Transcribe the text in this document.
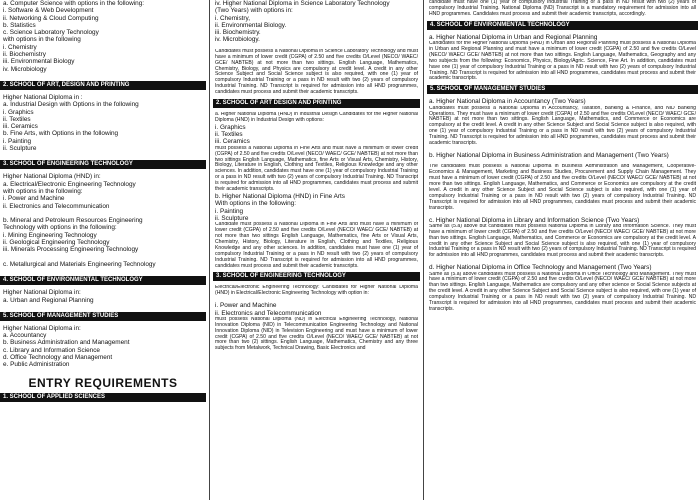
a. Computer Science with options in the following:

i. Software & Web Development

ii. Networking & Cloud Computing

b. Statistics

c. Science Laboratory Technology

with options in the following

i. Chemistry

ii. Biochemistry

iii. Environmental Biology

iv. Microbiology

2. SCHOOL OF ART, DESIGN AND PRINTING

Higher National Diploma in :

a. Industrial Design with Options in the following

i. Graphics

ii. Textiles

iii. Ceramics

b. Fine Arts, with Options in the following

i. Painting

ii. Sculpture

3. SCHOOL OF ENGINEERING TECHNOLOGY

Higher National Diploma (HND) in:

a. Electrical/Electronic Engineering Technology

with options in the following:

i. Power and Machine

ii. Electronics and Telecommunication

b. Mineral and Petroleum Resources Engineering

Technology with options in the following:

i. Mining Engineering Technology

ii. Geological Engineering Technology

iii. Minerals Processing Engineering Technology

c. Metallurgical and Materials Engineering Technology

4. SCHOOL OF ENVIRONMENTAL TECHNOLOGY

Higher National Diploma in:

a. Urban and Regional Planning

5. SCHOOL OF MANAGEMENT STUDIES

Higher National Diploma in:

a. Accountancy

b. Business Administration and Management

c. Library and Information Science

d. Office Technology and Management

e. Public Administration

ENTRY REQUIREMENTS
1. SCHOOL OF APPLIED SCIENCES

iv. Higher National Diploma in Science Laboratory Technology

(Two Years) with options in:

i. Chemistry,

ii. Environmental Biology.

iii. Biochemistry.

iv. Microbiology.

Candidates must possess a National Diploma in Science Laboratory Technology and must have a minimum of lower credit (CGPA) of 2.50 and five credits O/Level (NECO/ WAEC/ GCE/ NABTEB) at not more than two sittings. English Language, Mathematics, Chemistry, Biology, and Physics are compulsory at credit level. A credit in any other Science Subject and Social Science subject is also required, with one (1) year of compulsory Industrial Training or a pass in ND result with two (2) years of compulsory Industrial Training. ND Transcript is required for admission into all HND programmes, candidates must process and submit their academic transcripts.

2. SCHOOL OF ART DESIGN AND PRINTING

a. Higher National Diploma (HND) in Industrial Design Candidates for the Higher National Diploma (HND) in Industrial Design with options:

i. Graphics

ii. Textiles

iii. Ceramics

must possess a National Diploma in Fine Arts and must have a minimum of lower credit (CGPA) of 2.50 and five credits O/Level (NECO/ WAEC/ GCE/ NABTEB) at not more than two sittings English Language, Mathematics, fine Arts or Visual Arts, Chemistry, History, Biology, Literature in English, Clothing and Textiles, Religious Knowledge and any other sciences. In addition, candidates must have one (1) year of compulsory Industrial Training or a pass in ND result with two (2) years of compulsory Industrial Training. ND Transcript is required for admission into all HND programmes, candidates must process and submit their academic transcripts.

b. Higher National Diploma (HND) in Fine Arts

With options in the following:

i. Painting

ii. Sculpture

Candidate must possess a National Diploma in Fine Arts and must have a minimum of lower credit (CGPA) of 2.50 and five credits O/Level (NECO/ WAEC/ GCE/ NABTEB) at not more than two sittings English Language, Mathematics, fine Arts or Visual Arts, Chemistry, History, Biology, Literature in English, Clothing and Textiles, Religious Knowledge and any other sciences. In addition, candidates must have one (1) year of compulsory Industrial Training or a pass in ND result with two (2) years of compulsory Industrial Training. ND Transcript is required for admission into all HND programmes, candidates must process and submit their academic transcripts.

3. SCHOOL OF ENGINEERING TECHNOLOGY

Electrical/Electronic Engineering Technology: Candidates for Higher National Diploma (HND) in Electrical/Electronic Engineering Technology with option in:

i. Power and Machine

ii. Electronics and Telecommunication

must possess National Diploma (ND) in Electrical Engineering Technology, National Innovation Diploma (NID) in Telecommunication Engineering Technology and National Innovation Diploma (NID) in Television Engineering and must have a minimum of lower credit (CGPA) of 2.50 and five credits O/Level (NECO/ WAEC/ GCE/ NABTEB) at not more than two (2) sittings. English Language, Mathematics, Chemistry and any three subjects from Metalwork, Technical Drawing, Basic Electronics and

candidate must have one (1) year of compulsory Industrial Training or a pass in ND result with two (2) years of compulsory Industrial Training. National Diploma (ND) Transcript is a mandatory requirement for admission into all HND programmes. Candidates must process and submit their academic transcripts, accordingly.

4. SCHOOL OF ENVIRONMENTAL TECHNOLOGY

a. Higher National Diploma in Urban and Regional Planning

Candidates for the Higher National Diploma (HND) in Urban and Regional Planning must possess a National Diploma in Urban and Regional Planning and must have a minimum of lower credit (CGPA) of 2.50 and five credits O/Level (NECO/ WAEC/ GCE/ NABTEB) at not more than two sittings. English Language, Mathematics, Geography and any two subjects from the following: Economics, Physics, Biology/Agric. Science, Fine Art. In addition, candidates must have one (1) year of compulsory Industrial Training or a pass in ND result with two (2) years of compulsory Industrial Training. ND Transcript is required for admission into all HND programmes, candidates must process and submit their academic transcripts.

5. SCHOOL OF MANAGEMENT STUDIES

a. Higher National Diploma in Accountancy (Two Years)

Candidates must possess a National Diploma in Accountancy, Taxation, Banking & Finance, and NID Banking Operations. They must have a minimum of lower credit (CGPA) of 2.50 and five credits O/Level (NECO/ WAEC/ GCE/ NABTEB) at not more than two sittings. English Language, Mathematics, and Commerce or Economics are compulsory at the credit level. A credit in any other Science Subject and Social Science subject is also required, with one (1) year of compulsory Industrial Training or a pass in ND result with two (2) years of compulsory Industrial Training. ND Transcript is required for admission into all HND programmes, candidates must process and submit their academic transcripts.

b. Higher National Diploma in Business Administration and Management (Two Years)

The candidates must possess a National Diploma in Business Administration and Management, Cooperative- Economics & Management, Marketing and Business Studies, Procurement and Supply Chain Management. They must have a minimum of lower credit (CGPA) of 2.50 and five credits O/Level (NECO/ WAEC/ GCE/ NABTEB) at not more than two sittings. English Language, Mathematics, and Commerce or Economics are compulsory at the credit level. A credit in any other Science Subject and Social Science subject is also required, with one (1) year of compulsory Industrial Training or a pass in ND result with two (2) years of compulsory Industrial Training. ND Transcript is required for admission into all HND programmes, candidates must process and submit their academic transcripts.

c. Higher National Diploma in Library and Information Science (Two Years)

Same as (5.a) above but candidates must possess National Diploma in Library and Information Science. They must have a minimum of lower credit (CGPA) of 2.50 and five credits O/Level (NECO/ WAEC/ GCE/ NABTEB) at not more than two sittings. English Language, Mathematics, and Commerce or Economics are compulsory at the credit level. A credit in any other Science Subject and Social Science subject is also required, with one (1) year of compulsory Industrial Training or a pass in ND result with two (2) years of compulsory Industrial Training. ND Transcript is required for admission into all HND programmes, candidates must process and submit their academic transcripts.

d. Higher National Diploma in Office Technology and Management (Two Years)

Same as (5.a) above candidates must possess a National Diploma in Office Technology and Management. They must have a minimum of lower credit (CGPA) of 2.50 and five credits O/Level (NECO/ WAEC/ GCE/ NABTEB) at not more than two sittings. English Language, Mathematics are compulsory and any other science or Social Science subjects at the credit level. A credit in any other Science Subject and Social Science subject is also required, with one (1) year of compulsory Industrial Training or a pass in ND result with two (2) years of compulsory Industrial Training. ND Transcript is required for admission into all HND programmes, candidates must process and submit their academic transcripts.
